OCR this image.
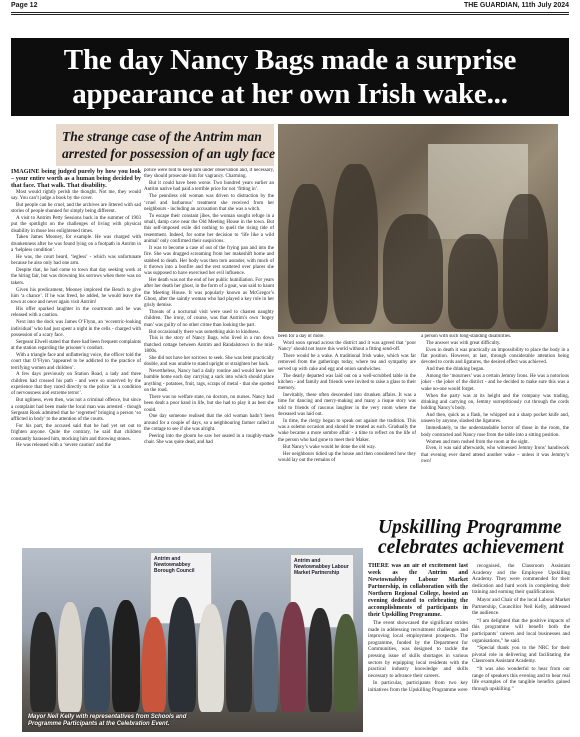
Page 12	THE GUARDIAN, 11th July 2024
The day Nancy Bags made a surprise
appearance at her own Irish wake...
The strange case of the Antrim man
arrested for possession of an ugly face

IMAGINE being judged purely by how you look – your entire worth as a human being decided by that face. That walk. That disability.

Most would rightly perish the thought. Not me, they would say. You can’t judge a book by the cover.

But people can be cruel, and the archives are littered with sad stories of people shunned for simply being different.

A visit to Antrim Petty Sessions back in the summer of 1903 put the spotlight on the challenges of living with physical disability in those less enlightened times.

Taken James Mooney, for example. He was charged with drunkenness after he was found lying on a footpath in Antrim in a ‘helpless condition’.

He was, the court heard, ‘legless’ - which was unfortunate because he also only had one arm.

Despite that, he had come to town that day seeking work at the hiring fair, but was drowning his sorrows when there was no takers.

Given his predicament, Mooney implored the Bench to give him ‘a chance’. If he was freed, he added, he would leave the town at once and never again visit Antrim!

His offer sparked laughter in the courtroom and he was released with a caution.

Next into the dock was James O’Flynn, an ‘eccentric-looking individual’ who had just spent a night in the cells - charged with possession of a scary face.

Sergeant Elwell stated that there had been frequent complaints at the station regarding the prisoner’s conduct.

With a triangle face and unflattering voice, the officer told the court that O’Flynn ‘appeared to be addicted to the practice of terrifying women and children’.

A few days previously on Station Road, a lady and three children had crossed his path - and were so unnerved by the experience that they raced directly to the police ‘in a condition of nervousness and extreme terror’.

But ugliness, even then, was not a criminal offence, but since a complaint had been made the local man was arrested - though Sergeant Rook admitted that he ‘regretted’ bringing a person ‘so afflicted in body’ to the attention of the courts.

For his part, the accused said that he had yet set out to frighten anyone. Quite the contrary, he said that children constantly harassed him, mocking him and throwing stones.

He was released with a ‘severe caution’ and the

police were told to keep him under observation and, if necessary, they should prosecute him for vagrancy. Charming.

But it could have been worse. Two hundred years earlier an Antrim native had paid a terrible price for not ‘fitting in’.

The penniless old woman was driven to distraction by the ‘cruel and barbarous’ treatment she received from her neighbours - including an accusation that she was a witch.

To escape their constant jibes, the woman sought refuge in a small, damp cave near the Old Meeting House in the town. But this self-imposed exile did nothing to quell the rising tide of resentment. Indeed, for some her decision to ‘life like a wild animal’ only confirmed their suspicions.

It was to become a case of out of the frying pan and into the fire. She was dragged screaming from her makeshift home and stabbed to death. Her body was then torn asunder, with much of it thrown into a bonfire and the rest scattered over places she was supposed to have exercised her evil influence.

Her death was not the end of her public humiliation. For years after her death her ghost, in the form of a goat, was said to haunt the Meeting House. It was popularly known as McGregor’s Ghost, after the saintly woman who had played a key role in her grisly demise.

Threats of a nocturnal visit were used to chasten naughty children. The irony, of course, was that Antrim’s own ‘bogey man’ was guilty of no other crime than looking the part.

But occasionally there was something akin to kindness.

This is the story of Nancy Bags, who lived in a run down thatched cottage between Antrim and Randalstown in the mid-1800s.

She did not have her sorrows to seek. She was bent practically double, and was unable to stand upright or straighten her back.

Nevertheless, Nancy had a daily routine and would leave her humble home each day carrying a sack into which should place anything - potatoes, fruit, rags, scraps of metal - that she spotted on the road.

There was no welfare state, no doctors, no nurses. Nancy had been dealt a poor hand in life, but she had to play it as best she could.

One day someone realised that the old woman hadn’t been around for a couple of days, so a neighbouring farmer called at the cottage to see if she was alright.

Peering into the gloom he saw her seated in a roughly-made chair. She was quite dead, and had

been for a day or more.

Word soon spread across the district and it was agreed that ‘poor Nancy’ should not leave this world without a fitting send-off.

There would be a wake. A traditional Irish wake, which was far removed from the gatherings today, where tea and sympathy are served up with cake and egg and onion sandwiches.

The dearly departed was laid out on a well-scrubbed table in the kitchen - and family and friends were invited to raise a glass to their memory.

Inevitably, these often descended into drunken affairs. It was a time for dancing and merry-making and many a risque story was told to friends of raucous laughter in the very room where the deceased was laid out.

In time, the clergy began to speak out against the tradition. This was a solemn occasion and should be treated as such. Gradually the wake became a more sombre affair - a time to reflect on the life of the person who had gone to meet their Maker.

But Nancy’s wake would be done the old way.

Her neighbours tidied up the house and then considered how they would lay out the remains of

a person with such long-standing disabilities.

The answer was with great difficulty.

Even in death it was practically an impossibility to place the body in a flat position. However, at last, through considerable attention being devoted to cords and ligatures, the desired effect was achieved.

And then the drinking began.

Among the ‘mourners’ was a certain Jemmy Irons. He was a notorious joker - the joker of the district - and he decided to make sure this was a wake no-one would forget.

When the party was at its height and the company was trading, drinking and carrying on, Jemmy surreptitiously cut through the cords holding Nancy’s body.

And then, quick as a flash, he whipped out a sharp pocket knife and, unseen by anyone, slashed the ligatures.

Immediately, to the understandable horror of those in the room, the body contracted and Nancy rose from the table into a sitting position.

Women and men rushed from the room at the sight.

Even, it was said afterwards, who witnessed Jemmy Irons’ handiwork that evening ever dared attend another wake – unless it was Jemmy’s own!

Upskilling Programme
celebrates achievement
Antrim and Newtownabbey Borough Council
Antrim and Newtownabbey Labour Market Partnership
Mayor Neil Kelly with representatives from Schools and
Programme Participants at the Celebration Event.

THERE was an air of excitement last week as the Antrim and Newtownabbey Labour Market Partnership, in collaboration with the Northern Regional College, hosted an evening dedicated to celebrating the accomplishments of participants in their Upskilling Programme.

The event showcased the significant strides made in addressing recruitment challenges and improving local employment prospects. The programme, funded by the Department for Communities, was designed to tackle the pressing issue of skills shortages in various sectors by equipping local residents with the practical industry knowledge and skills necessary to advance their careers.

In particular, participants from two key initiatives from the Upskilling Programme were

recognised, the Classroom Assistant Academy and the Employee Upskilling Academy. They were commended for their dedication and hard work in completing their training and earning their qualifications.

Mayor and Chair of the local Labour Market Partnership, Councillor Neil Kelly, addressed the audience.

“I am delighted that the positive impacts of this programme will benefit both the participants’ careers and local businesses and organisations,” he said.

“Special thank you to the NRC for their pivotal role in delivering and facilitating the Classroom Assistant Academy.

“It was also wonderful to hear from our range of speakers this evening and to hear real life examples of the tangible benefits gained through upskilling.”
